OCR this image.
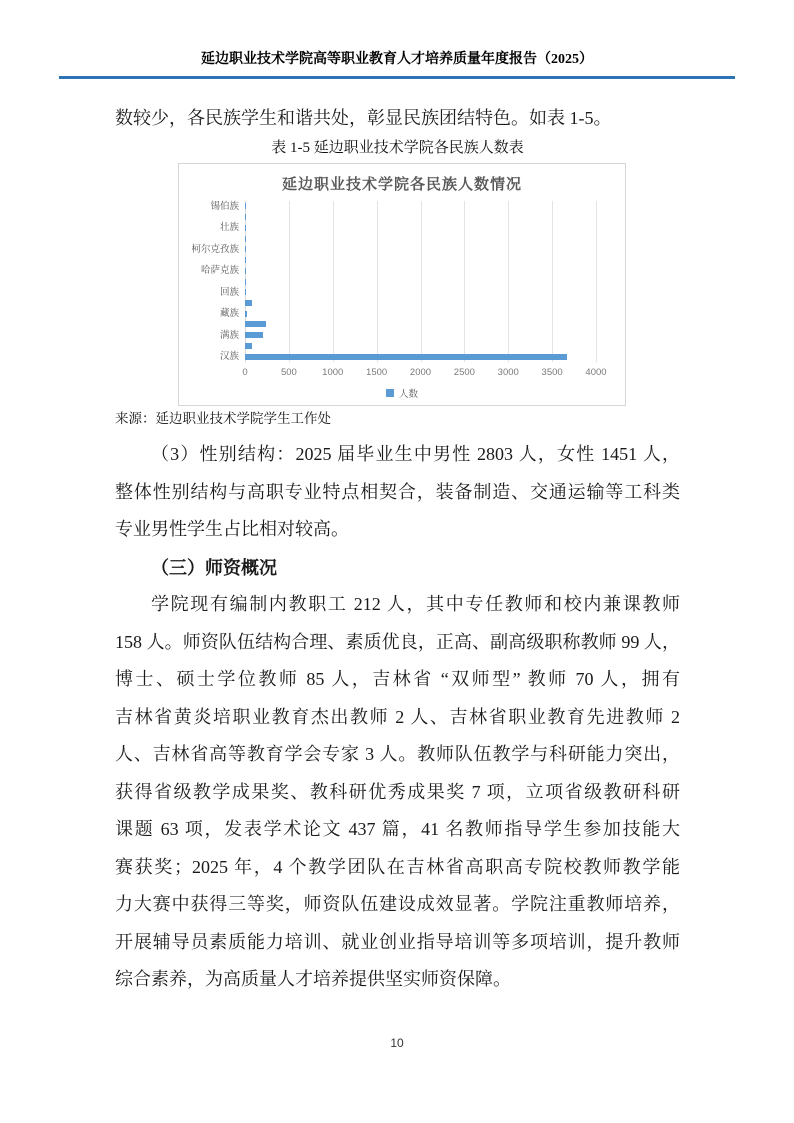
延边职业技术学院高等职业教育人才培养质量年度报告（2025）
数较少，各民族学生和谐共处，彰显民族团结特色。如表 1-5。
表 1-5 延边职业技术学院各民族人数表
延边职业技术学院各民族人数情况
锡伯族
壮族
柯尔克孜族
哈萨克族
回族
藏族
满族
汉族
0	500	1000	1500	2000	2500	3000	3500	4000
人数
来源：延边职业技术学院学生工作处
（3）性别结构：2025 届毕业生中男性 2803 人，女性 1451 人，
整体性别结构与高职专业特点相契合，装备制造、交通运输等工科类
专业男性学生占比相对较高。
（三）师资概况
学院现有编制内教职工 212 人，其中专任教师和校内兼课教师
158 人。师资队伍结构合理、素质优良，正高、副高级职称教师 99 人，
博士、硕士学位教师 85 人，吉林省 “双师型” 教师 70 人，拥有
吉林省黄炎培职业教育杰出教师 2 人、吉林省职业教育先进教师 2
人、吉林省高等教育学会专家 3 人。教师队伍教学与科研能力突出，
获得省级教学成果奖、教科研优秀成果奖 7 项，立项省级教研科研
课题 63 项，发表学术论文 437 篇，41 名教师指导学生参加技能大
赛获奖；2025 年，4 个教学团队在吉林省高职高专院校教师教学能
力大赛中获得三等奖，师资队伍建设成效显著。学院注重教师培养，
开展辅导员素质能力培训、就业创业指导培训等多项培训，提升教师
综合素养，为高质量人才培养提供坚实师资保障。
10
